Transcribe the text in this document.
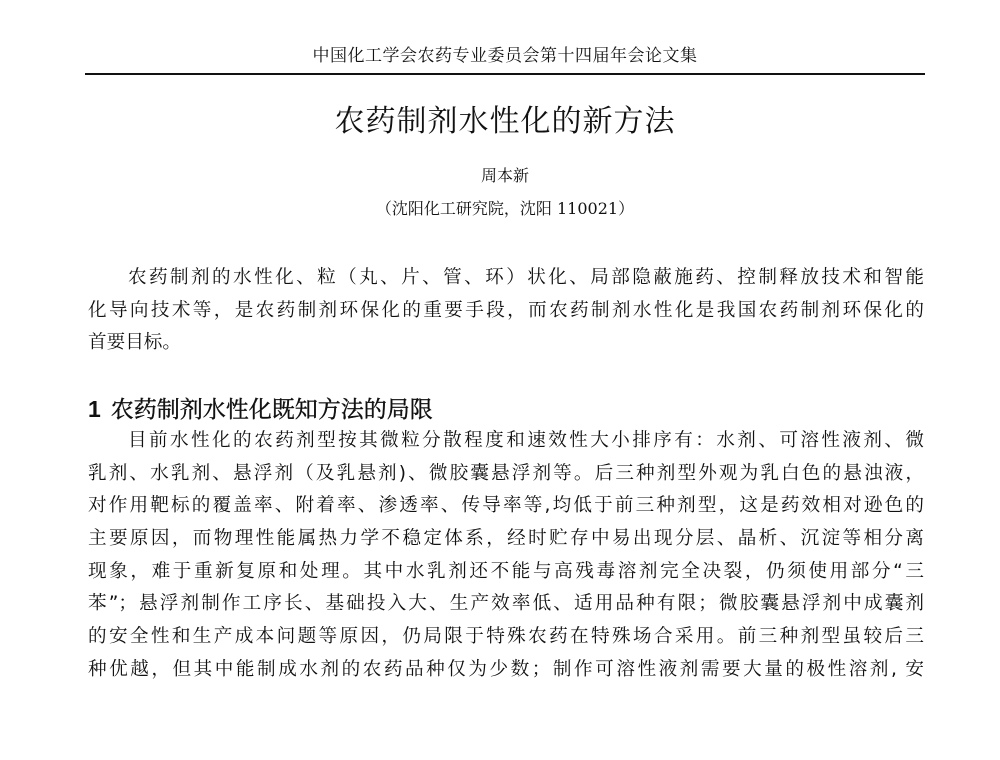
中国化工学会农药专业委员会第十四届年会论文集
农药制剂水性化的新方法
周本新
（沈阳化工研究院，沈阳 110021）
农药制剂的水性化、粒（丸、片、管、环）状化、局部隐蔽施药、控制释放技术和智能
化导向技术等，是农药制剂环保化的重要手段，而农药制剂水性化是我国农药制剂环保化的
首要目标。
1 农药制剂水性化既知方法的局限
目前水性化的农药剂型按其微粒分散程度和速效性大小排序有：水剂、可溶性液剂、微
乳剂、水乳剂、悬浮剂（及乳悬剂)、微胶囊悬浮剂等。后三种剂型外观为乳白色的悬浊液，
对作用靶标的覆盖率、附着率、渗透率、传导率等,均低于前三种剂型，这是药效相对逊色的
主要原因，而物理性能属热力学不稳定体系，经时贮存中易出现分层、晶析、沉淀等相分离
现象，难于重新复原和处理。其中水乳剂还不能与高残毒溶剂完全决裂，仍须使用部分“三
苯”；悬浮剂制作工序长、基础投入大、生产效率低、适用品种有限；微胶囊悬浮剂中成囊剂
的安全性和生产成本问题等原因，仍局限于特殊农药在特殊场合采用。前三种剂型虽较后三
种优越，但其中能制成水剂的农药品种仅为少数；制作可溶性液剂需要大量的极性溶剂, 安
